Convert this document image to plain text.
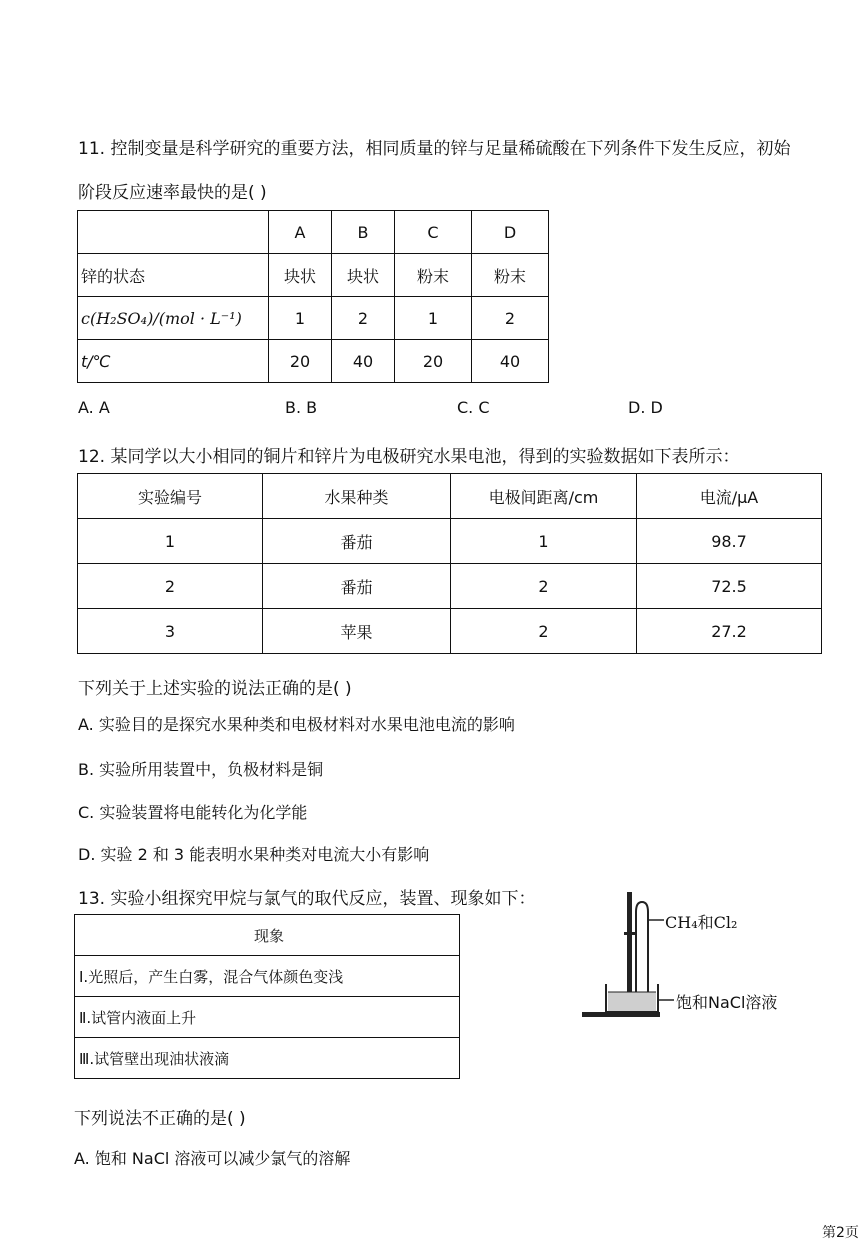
11. 控制变量是科学研究的重要方法，相同质量的锌与足量稀硫酸在下列条件下发生反应，初始
阶段反应速率最快的是( )
	A	B	C	D
锌的状态	块状	块状	粉末	粉末
c(H₂SO₄)/(mol · L⁻¹)	1	2	1	2
t/℃	20	40	20	40
A. A	B. B	C. C	D. D
12. 某同学以大小相同的铜片和锌片为电极研究水果电池，得到的实验数据如下表所示：
实验编号	水果种类	电极间距离/cm	电流/μA
1	番茄	1	98.7
2	番茄	2	72.5
3	苹果	2	27.2
下列关于上述实验的说法正确的是( )
A. 实验目的是探究水果种类和电极材料对水果电池电流的影响
B. 实验所用装置中，负极材料是铜
C. 实验装置将电能转化为化学能
D. 实验 2 和 3 能表明水果种类对电流大小有影响
13. 实验小组探究甲烷与氯气的取代反应，装置、现象如下：
现象
Ⅰ.光照后，产生白雾，混合气体颜色变浅
Ⅱ.试管内液面上升
Ⅲ.试管壁出现油状液滴
CH₄和Cl₂
饱和NaCl溶液
下列说法不正确的是( )
A. 饱和 NaCl 溶液可以减少氯气的溶解
第2页
